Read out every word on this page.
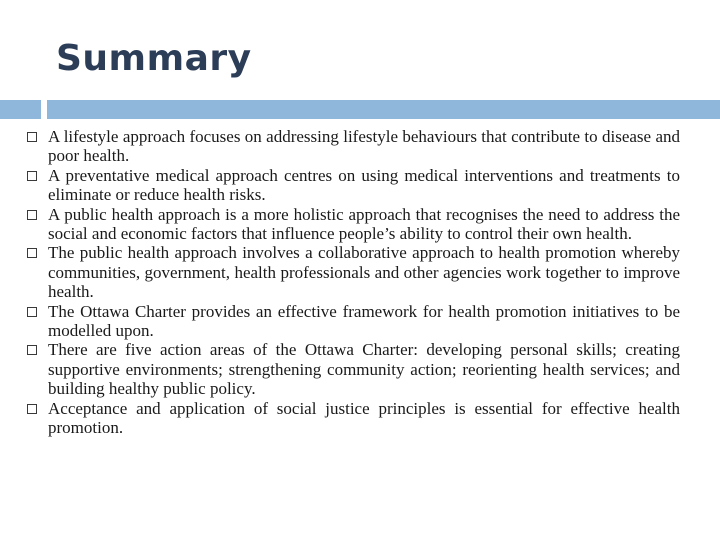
Summary
A lifestyle approach focuses on addressing lifestyle behaviours that contribute to disease and poor health.
A preventative medical approach centres on using medical interventions and treatments to eliminate or reduce health risks.
A public health approach is a more holistic approach that recognises the need to address the social and economic factors that influence people’s ability to control their own health.
The public health approach involves a collaborative approach to health promotion whereby communities, government, health professionals and other agencies work together to improve health.
The Ottawa Charter provides an effective framework for health promotion initiatives to be modelled upon.
There are five action areas of the Ottawa Charter: developing personal skills; creating supportive environments; strengthening community action; reorienting health services; and building healthy public policy.
Acceptance and application of social justice principles is essential for effective health promotion.
